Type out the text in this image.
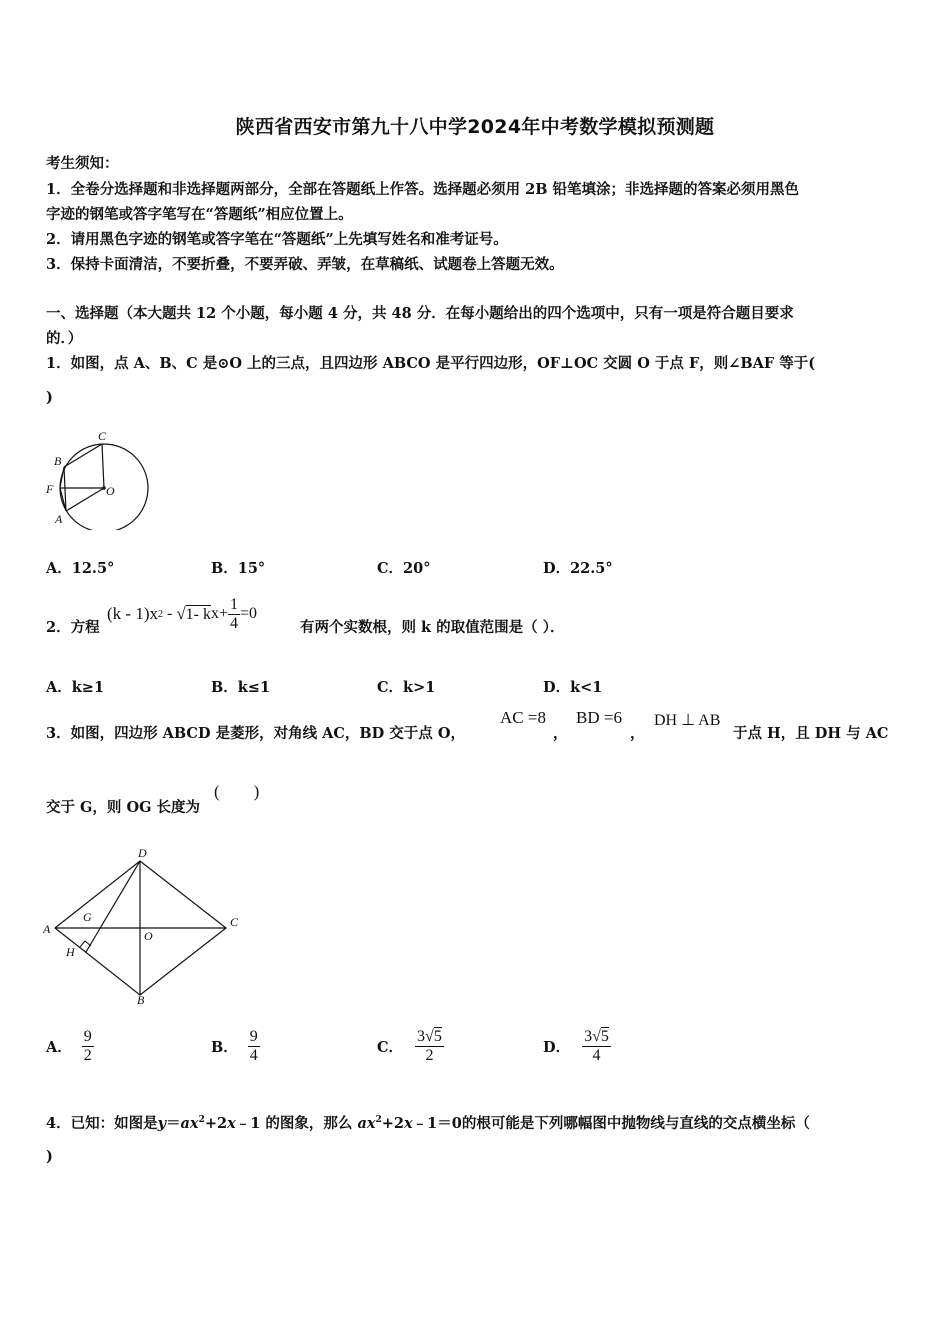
陕西省西安市第九十八中学2024年中考数学模拟预测题
考生须知：
1．全卷分选择题和非选择题两部分，全部在答题纸上作答。选择题必须用 2B 铅笔填涂；非选择题的答案必须用黑色
字迹的钢笔或答字笔写在“答题纸”相应位置上。
2．请用黑色字迹的钢笔或答字笔在“答题纸”上先填写姓名和准考证号。
3．保持卡面清洁，不要折叠，不要弄破、弄皱，在草稿纸、试题卷上答题无效。
一、选择题（本大题共 12 个小题，每小题 4 分，共 48 分．在每小题给出的四个选项中，只有一项是符合题目要求
的．）
1．如图，点 A、B、C 是⊙O 上的三点，且四边形 ABCO 是平行四边形，OF⊥OC 交圆 O 于点 F，则∠BAF 等于(
)
C
B
F	O
A
A．12.5°	B．15°	C．20°	D．22.5°
2．方程
(k - 1)x 2 - √ 1- k $x+ \frac{1}{4} =0$
有两个实数根，则 k 的取值范围是（ ）．
A．k≥1	B．k≤1	C．k>1	D．k<1
3．如图，四边形 ABCD 是菱形，对角线 AC，BD 交于点 O，
AC =8
，
BD =6
，
DH ⊥ AB
于点 H，且 DH 与 AC
交于 G，则 OG 长度为
(        )
D
A
G
O
C
H
B
A． $\frac{9}{2}$	B． $\frac{9}{4}$	C． $\frac{3√5}{2}$	D． $\frac{3√5}{4}$
4．已知：如图是$y=ax^2+2x﹣1$ 的图象，那么 $ax^2+2x﹣1=0$的根可能是下列哪幅图中抛物线与直线的交点横坐标（
)
